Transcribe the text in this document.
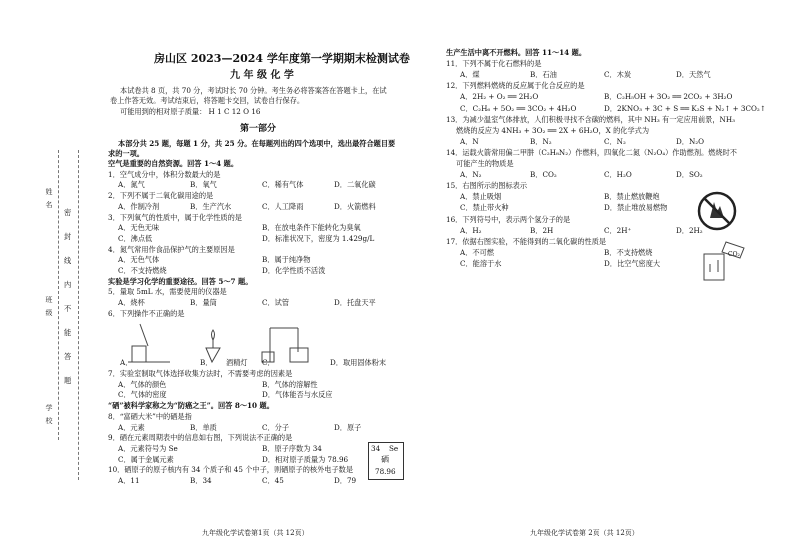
姓名
班级
学校
密
封
线
内
不
能
答
题
房山区 2023—2024 学年度第一学期期末检测试卷
九 年 级 化 学
本试卷共 8 页，共 70 分，考试时长 70 分钟。考生务必将答案答在答题卡上，在试
卷上作答无效。考试结束后，将答题卡交回，试卷自行保存。
可能用到的相对原子质量： H 1 C 12 O 16
第一部分
本部分共 25 题，每题 1 分，共 25 分。在每题列出的四个选项中，选出最符合题目要
求的一项。
空气是重要的自然资源。回答 1～4 题。
1．空气成分中，体积分数最大的是
A．氮气	B．氧气	C．稀有气体	D．二氧化碳
2．下列不属于二氧化碳用途的是
A．作制冷剂	B．生产汽水	C．人工降雨	D．火箭燃料
3．下列氧气的性质中，属于化学性质的是
A．无色无味	B．在放电条件下能转化为臭氧
C．沸点低	D．标准状况下，密度为 1.429g/L
4．氮气常用作食品保护气的主要原因是
A．无色气体	B．属于纯净物
C．不支持燃烧	D．化学性质不活泼
实验是学习化学的重要途径。回答 5～7 题。
5．量取 5mL 水，需要使用的仪器是
A．烧杯	B．量筒	C．试管	D．托盘天平
6．下列操作不正确的是
A．	B． 酒精灯 C．	D．取用固体粉末
7．实验室制取气体选择收集方法时，不需要考虑的因素是
A．气体的颜色	B．气体的溶解性
C．气体的密度	D．气体能否与水反应
“硒”被科学家称之为“防癌之王”。回答 8～10 题。
8．“富硒大米”中的硒是指
A．元素	B．单质	C．分子	D．原子
9．硒在元素周期表中的信息如右图，下列说法不正确的是
A．元素符号为 Se	B．原子序数为 34
C．属于金属元素	D．相对原子质量为 78.96
10．硒原子的原子核内有 34 个质子和 45 个中子，则硒原子的核外电子数是
A．11	B．34	C．45	D．79
34 Se
硒
78.96
九年级化学试卷第1页（共 12页）
生产生活中离不开燃料。回答 11～14 题。
11．下列不属于化石燃料的是
A．煤	B．石油	C．木炭	D．天然气
12．下列燃料燃烧的反应属于化合反应的是
A．2H₂ + O₂ ══ 2H₂O	B．C₂H₅OH + 3O₂ ══ 2CO₂ + 3H₂O
C．C₂H₆ + 5O₂ ══ 3CO₂ + 4H₂O	D．2KNO₃ + 3C + S ══ K₂S + N₂↑ + 3CO₂↑
13．为减少温室气体排放，人们积极寻找不含碳的燃料，其中 NH₃ 有一定应用前景，NH₃
燃烧的反应为 4NH₃ + 3O₂ ══ 2X + 6H₂O，X 的化学式为
A．N	B．N₂	C．N₂	D．N₂O
14．运载火箭常用偏二甲肼（C₂H₈N₂）作燃料，四氧化二氮（N₂O₄）作助燃剂。燃烧时不
可能产生的物质是
A．N₂	B．CO₂	C．H₂O	D．SO₂
15．右图所示的图标表示
A．禁止吸烟	B．禁止燃放鞭炮
C．禁止带火种	D．禁止堆放易燃物
16．下列符号中，表示两个氢分子的是
A．H₂	B．2H	C．2H⁺	D．2H₂
17．依据右图实验，不能得到的二氧化碳的性质是
A．不可燃	B．不支持燃烧
C．能溶于水	D．比空气密度大
CO₂
九年级化学试卷第 2页（共 12页）
